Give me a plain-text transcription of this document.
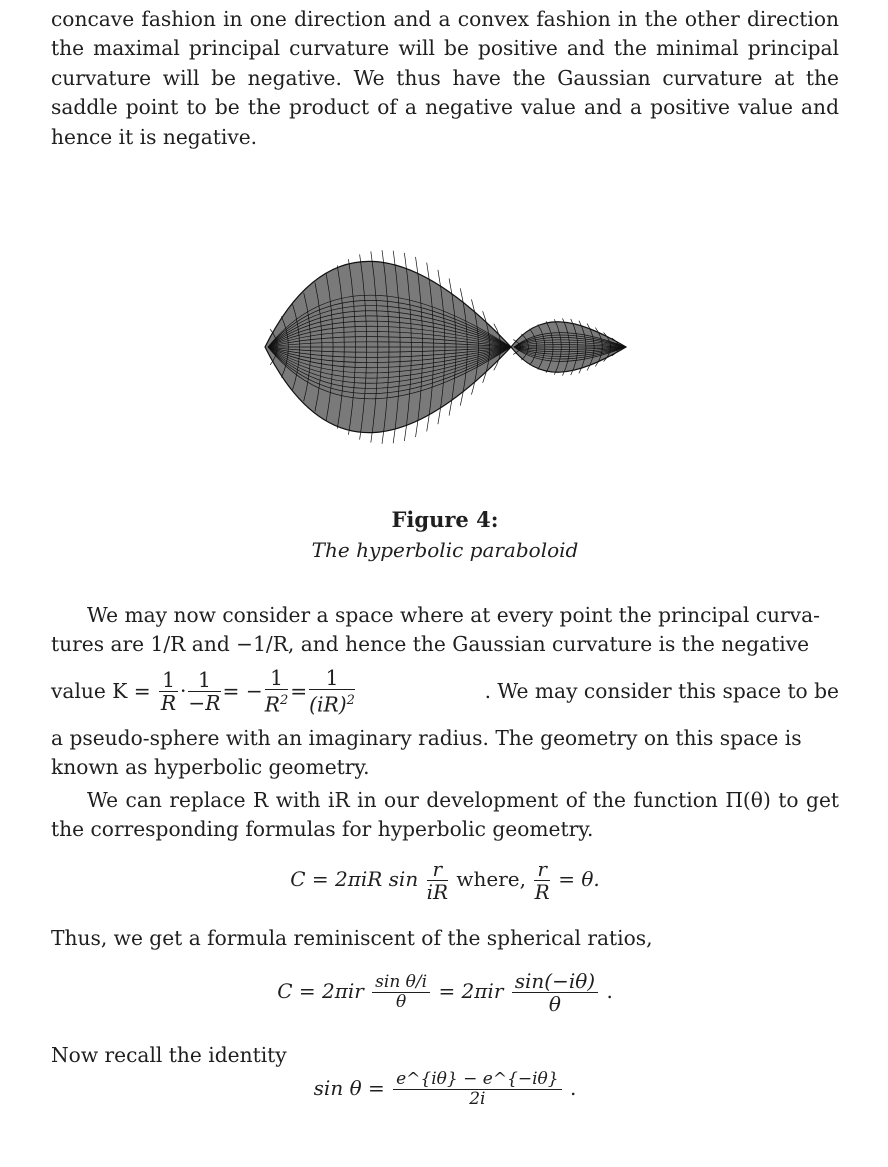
concave fashion in one direction and a convex fashion in the other direction the maximal principal curvature will be positive and the minimal principal curvature will be negative. We thus have the Gaussian curvature at the saddle point to be the product of a negative value and a positive value and hence it is negative.

Figure 4:
The hyperbolic paraboloid
We may now consider a space where at every point the principal curva-
tures are 1/R and −1/R, and hence the Gaussian curvature is the negative
value $K = \frac{1}{R} \cdot \frac{1}{-R}$ = − $\frac{1}{R^2} = \frac{1}{(iR)^2}$	. We may consider this space to be
a pseudo-sphere with an imaginary radius. The geometry on this space is
known as hyperbolic geometry.

We can replace R with iR in our development of the function Π(θ) to get the corresponding formulas for hyperbolic geometry.

C = 2πiR $\sin \frac{r}{iR}$ where, $\frac{r}{R} = \theta$.

Thus, we get a formula reminiscent of the spherical ratios,

$C = 2\pi ir \frac{\text{sin θ/i}}{\theta} = 2\pi ir \frac{\sin(-i\theta)}{\theta}$ .

Now recall the identity

$\sin \theta = \frac{e\^{}\{i\theta\} - e\^{}\{-i\theta\}}{2i}$ .
